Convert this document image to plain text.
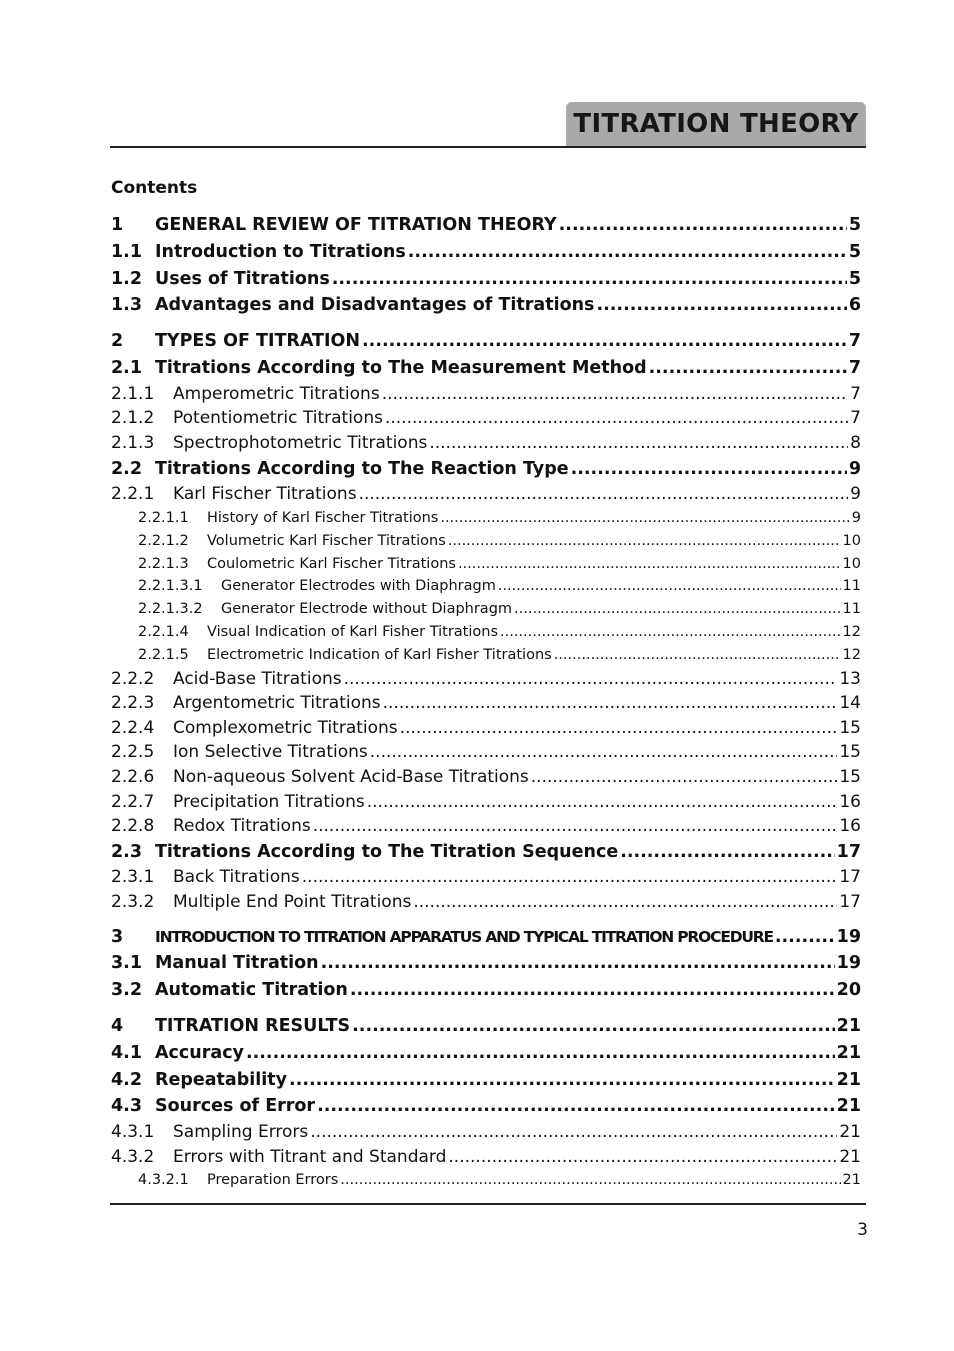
TITRATION THEORY
Contents
1	GENERAL REVIEW OF TITRATION THEORY .....	5
1.1 Introduction to Titrations .....	5
1.2 Uses of Titrations .....	5
1.3 Advantages and Disadvantages of Titrations .....	6
2	TYPES OF TITRATION .....	7
2.1 Titrations According to The Measurement Method .....	7
2.1.1	Amperometric Titrations .....	7
2.1.2	Potentiometric Titrations .....	7
2.1.3	Spectrophotometric Titrations .....	8
2.2 Titrations According to The Reaction Type .....	9
2.2.1	Karl Fischer Titrations .....	9
2.2.1.1	History of Karl Fischer Titrations .....	9
2.2.1.2	Volumetric Karl Fischer Titrations .....	10
2.2.1.3	Coulometric Karl Fischer Titrations .....	10
2.2.1.3.1	Generator Electrodes with Diaphragm .....	11
2.2.1.3.2	Generator Electrode without Diaphragm .....	11
2.2.1.4	Visual Indication of Karl Fisher Titrations .....	12
2.2.1.5	Electrometric Indication of Karl Fisher Titrations .....	12
2.2.2	Acid-Base Titrations .....	13
2.2.3	Argentometric Titrations .....	14
2.2.4	Complexometric Titrations .....	15
2.2.5	Ion Selective Titrations .....	15
2.2.6	Non-aqueous Solvent Acid-Base Titrations .....	15
2.2.7	Precipitation Titrations .....	16
2.2.8	Redox Titrations .....	16
2.3 Titrations According to The Titration Sequence .....	17
2.3.1	Back Titrations .....	17
2.3.2	Multiple End Point Titrations .....	17
3	INTRODUCTION TO TITRATION APPARATUS AND TYPICAL TITRATION PROCEDURE .....	19
3.1 Manual Titration .....	19
3.2 Automatic Titration .....	20
4	TITRATION RESULTS .....	21
4.1 Accuracy .....	21
4.2 Repeatability .....	21
4.3 Sources of Error .....	21
4.3.1	Sampling Errors .....	21
4.3.2	Errors with Titrant and Standard .....	21
4.3.2.1	Preparation Errors .....	21
3
